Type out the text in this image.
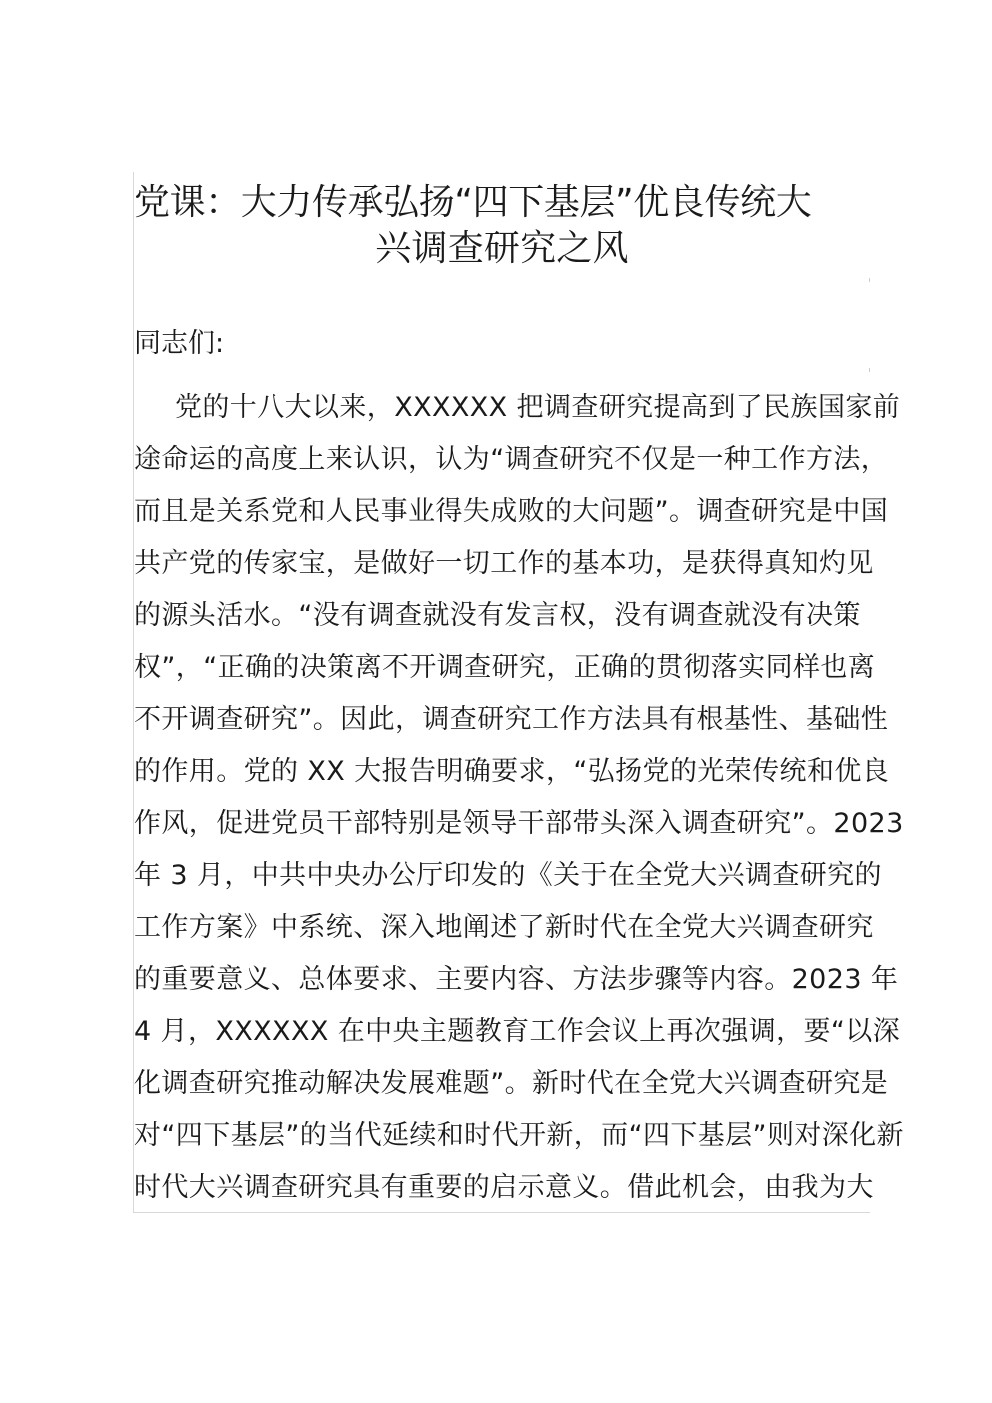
党课：大力传承弘扬“四下基层”优良传统大
兴调查研究之风
同志们:
党的十八大以来，XXXXXX 把调查研究提高到了民族国家前
途命运的高度上来认识，认为“调查研究不仅是一种工作方法，
而且是关系党和人民事业得失成败的大问题”。调查研究是中国
共产党的传家宝，是做好一切工作的基本功，是获得真知灼见
的源头活水。“没有调查就没有发言权，没有调查就没有决策
权”，“正确的决策离不开调查研究，正确的贯彻落实同样也离
不开调查研究”。因此，调查研究工作方法具有根基性、基础性
的作用。党的 XX 大报告明确要求，“弘扬党的光荣传统和优良
作风，促进党员干部特别是领导干部带头深入调查研究”。2023
年 3 月，中共中央办公厅印发的《关于在全党大兴调查研究的
工作方案》中系统、深入地阐述了新时代在全党大兴调查研究
的重要意义、总体要求、主要内容、方法步骤等内容。2023 年
4 月，XXXXXX 在中央主题教育工作会议上再次强调，要“以深
化调查研究推动解决发展难题”。新时代在全党大兴调查研究是
对“四下基层”的当代延续和时代开新，而“四下基层”则对深化新
时代大兴调查研究具有重要的启示意义。借此机会，由我为大
